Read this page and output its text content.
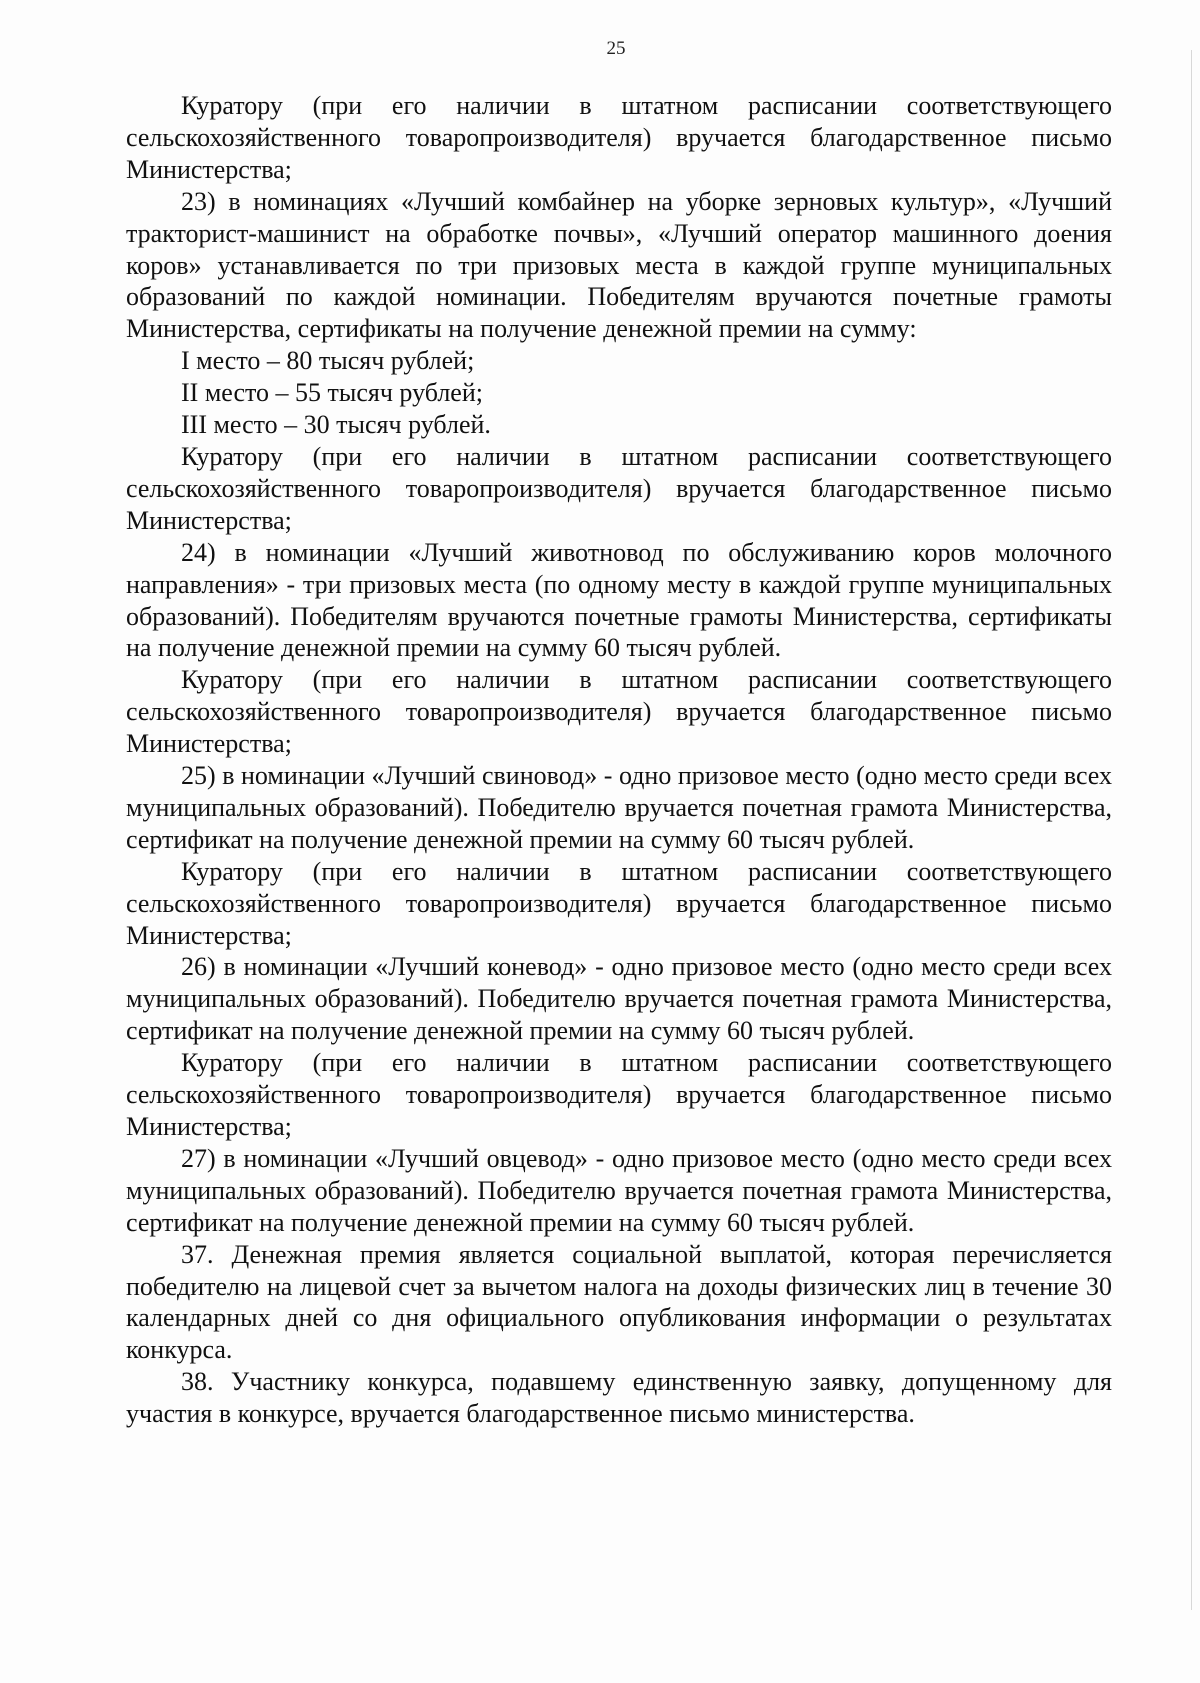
25

Куратору (при его наличии в штатном расписании соответствующего сельскохозяйственного товаропроизводителя) вручается благодарственное письмо Министерства;

23) в номинациях «Лучший комбайнер на уборке зерновых культур», «Лучший тракторист-машинист на обработке почвы», «Лучший оператор машинного доения коров» устанавливается по три призовых места в каждой группе муниципальных образований по каждой номинации. Победителям вручаются почетные грамоты Министерства, сертификаты на получение денежной премии на сумму:

I место – 80 тысяч рублей;

II место – 55 тысяч рублей;

III место – 30 тысяч рублей.

Куратору (при его наличии в штатном расписании соответствующего сельскохозяйственного товаропроизводителя) вручается благодарственное письмо Министерства;

24) в номинации «Лучший животновод по обслуживанию коров молочного направления» - три призовых места (по одному месту в каждой группе муниципальных образований). Победителям вручаются почетные грамоты Министерства, сертификаты на получение денежной премии на сумму 60 тысяч рублей.

Куратору (при его наличии в штатном расписании соответствующего сельскохозяйственного товаропроизводителя) вручается благодарственное письмо Министерства;

25) в номинации «Лучший свиновод» - одно призовое место (одно место среди всех муниципальных образований). Победителю вручается почетная грамота Министерства, сертификат на получение денежной премии на сумму 60 тысяч рублей.

Куратору (при его наличии в штатном расписании соответствующего сельскохозяйственного товаропроизводителя) вручается благодарственное письмо Министерства;

26) в номинации «Лучший коневод» - одно призовое место (одно место среди всех муниципальных образований). Победителю вручается почетная грамота Министерства, сертификат на получение денежной премии на сумму 60 тысяч рублей.

Куратору (при его наличии в штатном расписании соответствующего сельскохозяйственного товаропроизводителя) вручается благодарственное письмо Министерства;

27) в номинации «Лучший овцевод» - одно призовое место (одно место среди всех муниципальных образований). Победителю вручается почетная грамота Министерства, сертификат на получение денежной премии на сумму 60 тысяч рублей.

37. Денежная премия является социальной выплатой, которая перечисляется победителю на лицевой счет за вычетом налога на доходы физических лиц в течение 30 календарных дней со дня официального опубликования информации о результатах конкурса.

38. Участнику конкурса, подавшему единственную заявку, допущенному для участия в конкурсе, вручается благодарственное письмо министерства.
